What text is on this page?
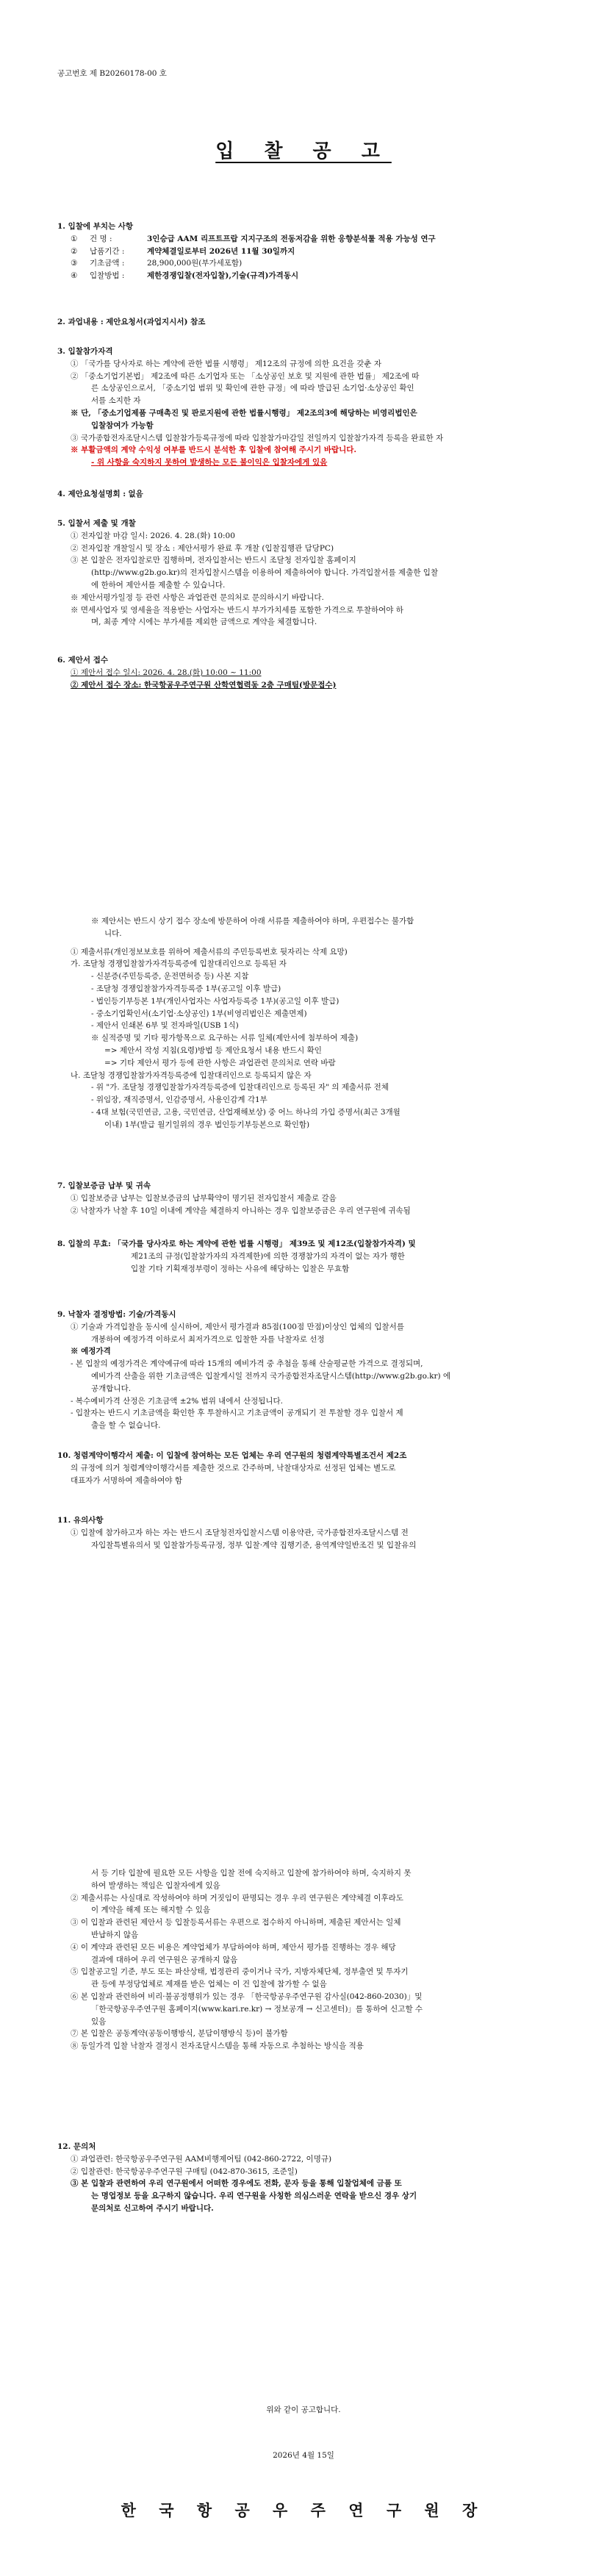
공고번호 제 B20260178-00 호
입 찰 공 고
1. 입찰에 부치는 사항
①	건 명 :	3인승급 AAM 리프트프랍 지지구조의 전동저감을 위한 응향분석툴 적용 가능성 연구
②	납품기간 :	계약체결일로부터 2026년 11월 30일까지
③	기초금액 :	28,900,000원(부가세포함)
④	입찰방법 :	제한경쟁입찰(전자입찰),기술(규격)가격동시
2. 과업내용 : 제안요청서(과업지시서) 참조
3. 입찰참가자격
① 「국가를 당사자로 하는 계약에 관한 법률 시행령」 제12조의 규정에 의한 요건을 갖춘 자
② 「중소기업기본법」 제2조에 따른 소기업자 또는 「소상공인 보호 및 지원에 관한 법률」 제2조에 따
른 소상공인으로서, 「중소기업 범위 및 확인에 관한 규정」에 따라 발급된 소기업·소상공인 확인
서를 소지한 자
※ 단, 「중소기업제품 구매촉진 및 판로지원에 관한 법률시행령」 제2조의3에 해당하는 비영리법인은
입찰참여가 가능함
③ 국가종합전자조달시스템 입찰참가등록규정에 따라 입찰참가마감일 전일까지 입찰참가자격 등록을 완료한 자
※ 부활금액의 계약 수익성 여부를 반드시 분석한 후 입찰에 참여해 주시기 바랍니다.
- 위 사항을 숙지하지 못하여 발생하는 모든 불이익은 입찰자에게 있음
4. 제안요청설명회 : 없음
5. 입찰서 제출 및 개찰
① 전자입찰 마감 일시: 2026. 4. 28.(화) 10:00
② 전자입찰 개찰일시 및 장소 : 제안서평가 완료 후 개찰 (입찰집행관 담당PC)
③ 본 입찰은 전자입찰로만 집행하며, 전자입찰서는 반드시 조달청 전자입찰 홈페이지
(http://www.g2b.go.kr)의 전자입찰시스템을 이용하여 제출하여야 합니다. 가격입찰서를 제출한 입찰
에 한하여 제안서를 제출할 수 있습니다.
※ 제안서평가일정 등 관련 사항은 과업관련 문의처로 문의하시기 바랍니다.
※ 면세사업자 및 영세율을 적용받는 사업자는 반드시 부가가치세를 포함한 가격으로 투찰하여야 하
며, 최종 계약 시에는 부가세를 제외한 금액으로 계약을 체결합니다.
6. 제안서 접수
① 제안서 접수 일시: 2026. 4. 28.(화) 10:00 ~ 11:00
② 제안서 접수 장소: 한국항공우주연구원 산학연협력동 2층 구매팀(방문접수)
※ 제안서는 반드시 상기 접수 장소에 방문하여 아래 서류를 제출하여야 하며, 우편접수는 불가합
니다.
① 제출서류(개인정보보호를 위하여 제출서류의 주민등록번호 뒷자리는 삭제 요망)
가. 조달청 경쟁입찰참가자격등록증에 입찰대리인으로 등록된 자
- 신분증(주민등록증, 운전면허증 등) 사본 지참
- 조달청 경쟁입찰참가자격등록증 1부(공고일 이후 발급)
- 법인등기부등본 1부(개인사업자는 사업자등록증 1부)(공고일 이후 발급)
- 중소기업확인서(소기업·소상공인) 1부(비영리법인은 제출면제)
- 제안서 인쇄본 6부 및 전자파일(USB 1식)
※ 실적증명 및 기타 평가항목으로 요구하는 서류 일체(제안서에 첨부하여 제출)
=> 제안서 작성 지침(요령)방법 등 제안요청서 내용 반드시 확인
=> 기타 제안서 평가 등에 관한 사항은 과업관련 문의처로 연락 바람
나. 조달청 경쟁입찰참가자격등록증에 입찰대리인으로 등록되지 않은 자
- 위 "가. 조달청 경쟁입찰참가자격등록증에 입찰대리인으로 등록된 자" 의 제출서류 전체
- 위임장, 재직증명서, 인감증명서, 사용인감계 각1부
- 4대 보험(국민연금, 고용, 국민연금, 산업재해보상) 중 어느 하나의 가입 증명서(최근 3개월
이내) 1부(발급 월기일위의 경우 법인등기부등본으로 확인함)
7. 입찰보증금 납부 및 귀속
① 입찰보증금 납부는 입찰보증금의 납부확약이 명기된 전자입찰서 제출로 갈음
② 낙찰자가 낙찰 후 10일 이내에 계약을 체결하지 아니하는 경우 입찰보증금은 우리 연구원에 귀속됨
8. 입찰의 무효: 「국가를 당사자로 하는 계약에 관한 법률 시행령」 제39조 및 제12조(입찰참가자격) 및
제21조의 규정(입찰참가자의 자격제한)에 의한 경쟁참가의 자격이 없는 자가 행한
입찰 기타 기획재정부령이 정하는 사유에 해당하는 입찰은 무효함
9. 낙찰자 결정방법: 기술/가격동시
① 기술과 가격입찰을 동시에 실시하여, 제안서 평가결과 85점(100점 만점)이상인 업체의 입찰서를
개봉하여 예정가격 이하로서 최저가격으로 입찰한 자를 낙찰자로 선정
※ 예정가격
- 본 입찰의 예정가격은 계약예규에 따라 15개의 예비가격 중 추첨을 통해 산술평균한 가격으로 결정되며,
예비가격 산출을 위한 기초금액은 입찰게시일 전까지 국가종합전자조달시스템(http://www.g2b.go.kr) 에
공개합니다.
- 복수예비가격 산정은 기초금액 ±2% 범위 내에서 산정됩니다.
- 입찰자는 반드시 기초금액을 확인한 후 투찰하시고 기초금액이 공개되기 전 투찰할 경우 입찰서 제
출을 할 수 없습니다.
10. 청렴계약이행각서 제출: 이 입찰에 참여하는 모든 업체는 우리 연구원의 청렴계약특별조건서 제2조
의 규정에 의거 청렴계약이행각서를 제출한 것으로 간주하며, 낙찰대상자로 선정된 업체는 별도로
대표자가 서명하여 제출하여야 함
11. 유의사항
① 입찰에 참가하고자 하는 자는 반드시 조달청전자입찰시스템 이용약관, 국가종합전자조달시스템 전
자입찰특별유의서 및 입찰참가등록규정, 정부 입찰·계약 집행기준, 용역계약일반조건 및 입찰유의
서 등 기타 입찰에 필요한 모든 사항을 입찰 전에 숙지하고 입찰에 참가하여야 하며, 숙지하지 못
하여 발생하는 책임은 입찰자에게 있음
② 제출서류는 사실대로 작성하여야 하며 거짓임이 판명되는 경우 우리 연구원은 계약체결 이후라도
이 계약을 해제 또는 해지할 수 있음
③ 이 입찰과 관련된 제안서 등 입찰등록서류는 우편으로 접수하지 아니하며, 제출된 제안서는 일체
반납하지 않음
④ 이 계약과 관련된 모든 비용은 계약업체가 부담하여야 하며, 제안서 평가를 진행하는 경우 해당
결과에 대하여 우리 연구원은 공개하지 않음
⑤ 입찰공고일 기준, 부도 또는 파산상태, 법정관리 중이거나 국가, 지방자체단체, 정부출연 및 투자기
관 등에 부정당업체로 제재를 받은 업체는 이 건 입찰에 참가할 수 없음
⑥ 본 입찰과 관련하여 비리·불공정행위가 있는 경우 「한국항공우주연구원 감사실(042-860-2030)」및
「한국항공우주연구원 홈페이지(www.kari.re.kr) → 정보공개 → 신고센터)」를 통하여 신고할 수
있음
⑦ 본 입찰은 공동계약(공동이행방식, 분담이행방식 등)이 불가함
⑧ 동일가격 입찰 낙찰자 결정시 전자조달시스템을 통해 자동으로 추첨하는 방식을 적용
12. 문의처
① 과업관련: 한국항공우주연구원 AAM비행제어팀 (042-860-2722, 이명규)
② 입찰관련: 한국항공우주연구원 구매팀 (042-870-3615, 조준일)
③ 본 입찰과 관련하여 우리 연구원에서 어떠한 경우에도 전화, 문자 등을 통해 입찰업체에 금품 또
는 명업정보 등을 요구하지 않습니다. 우리 연구원을 사칭한 의심스러운 연락을 받으신 경우 상기
문의처로 신고하여 주시기 바랍니다.
위와 같이 공고합니다.
2026년 4월 15일
한 국 항 공 우 주 연 구 원 장
